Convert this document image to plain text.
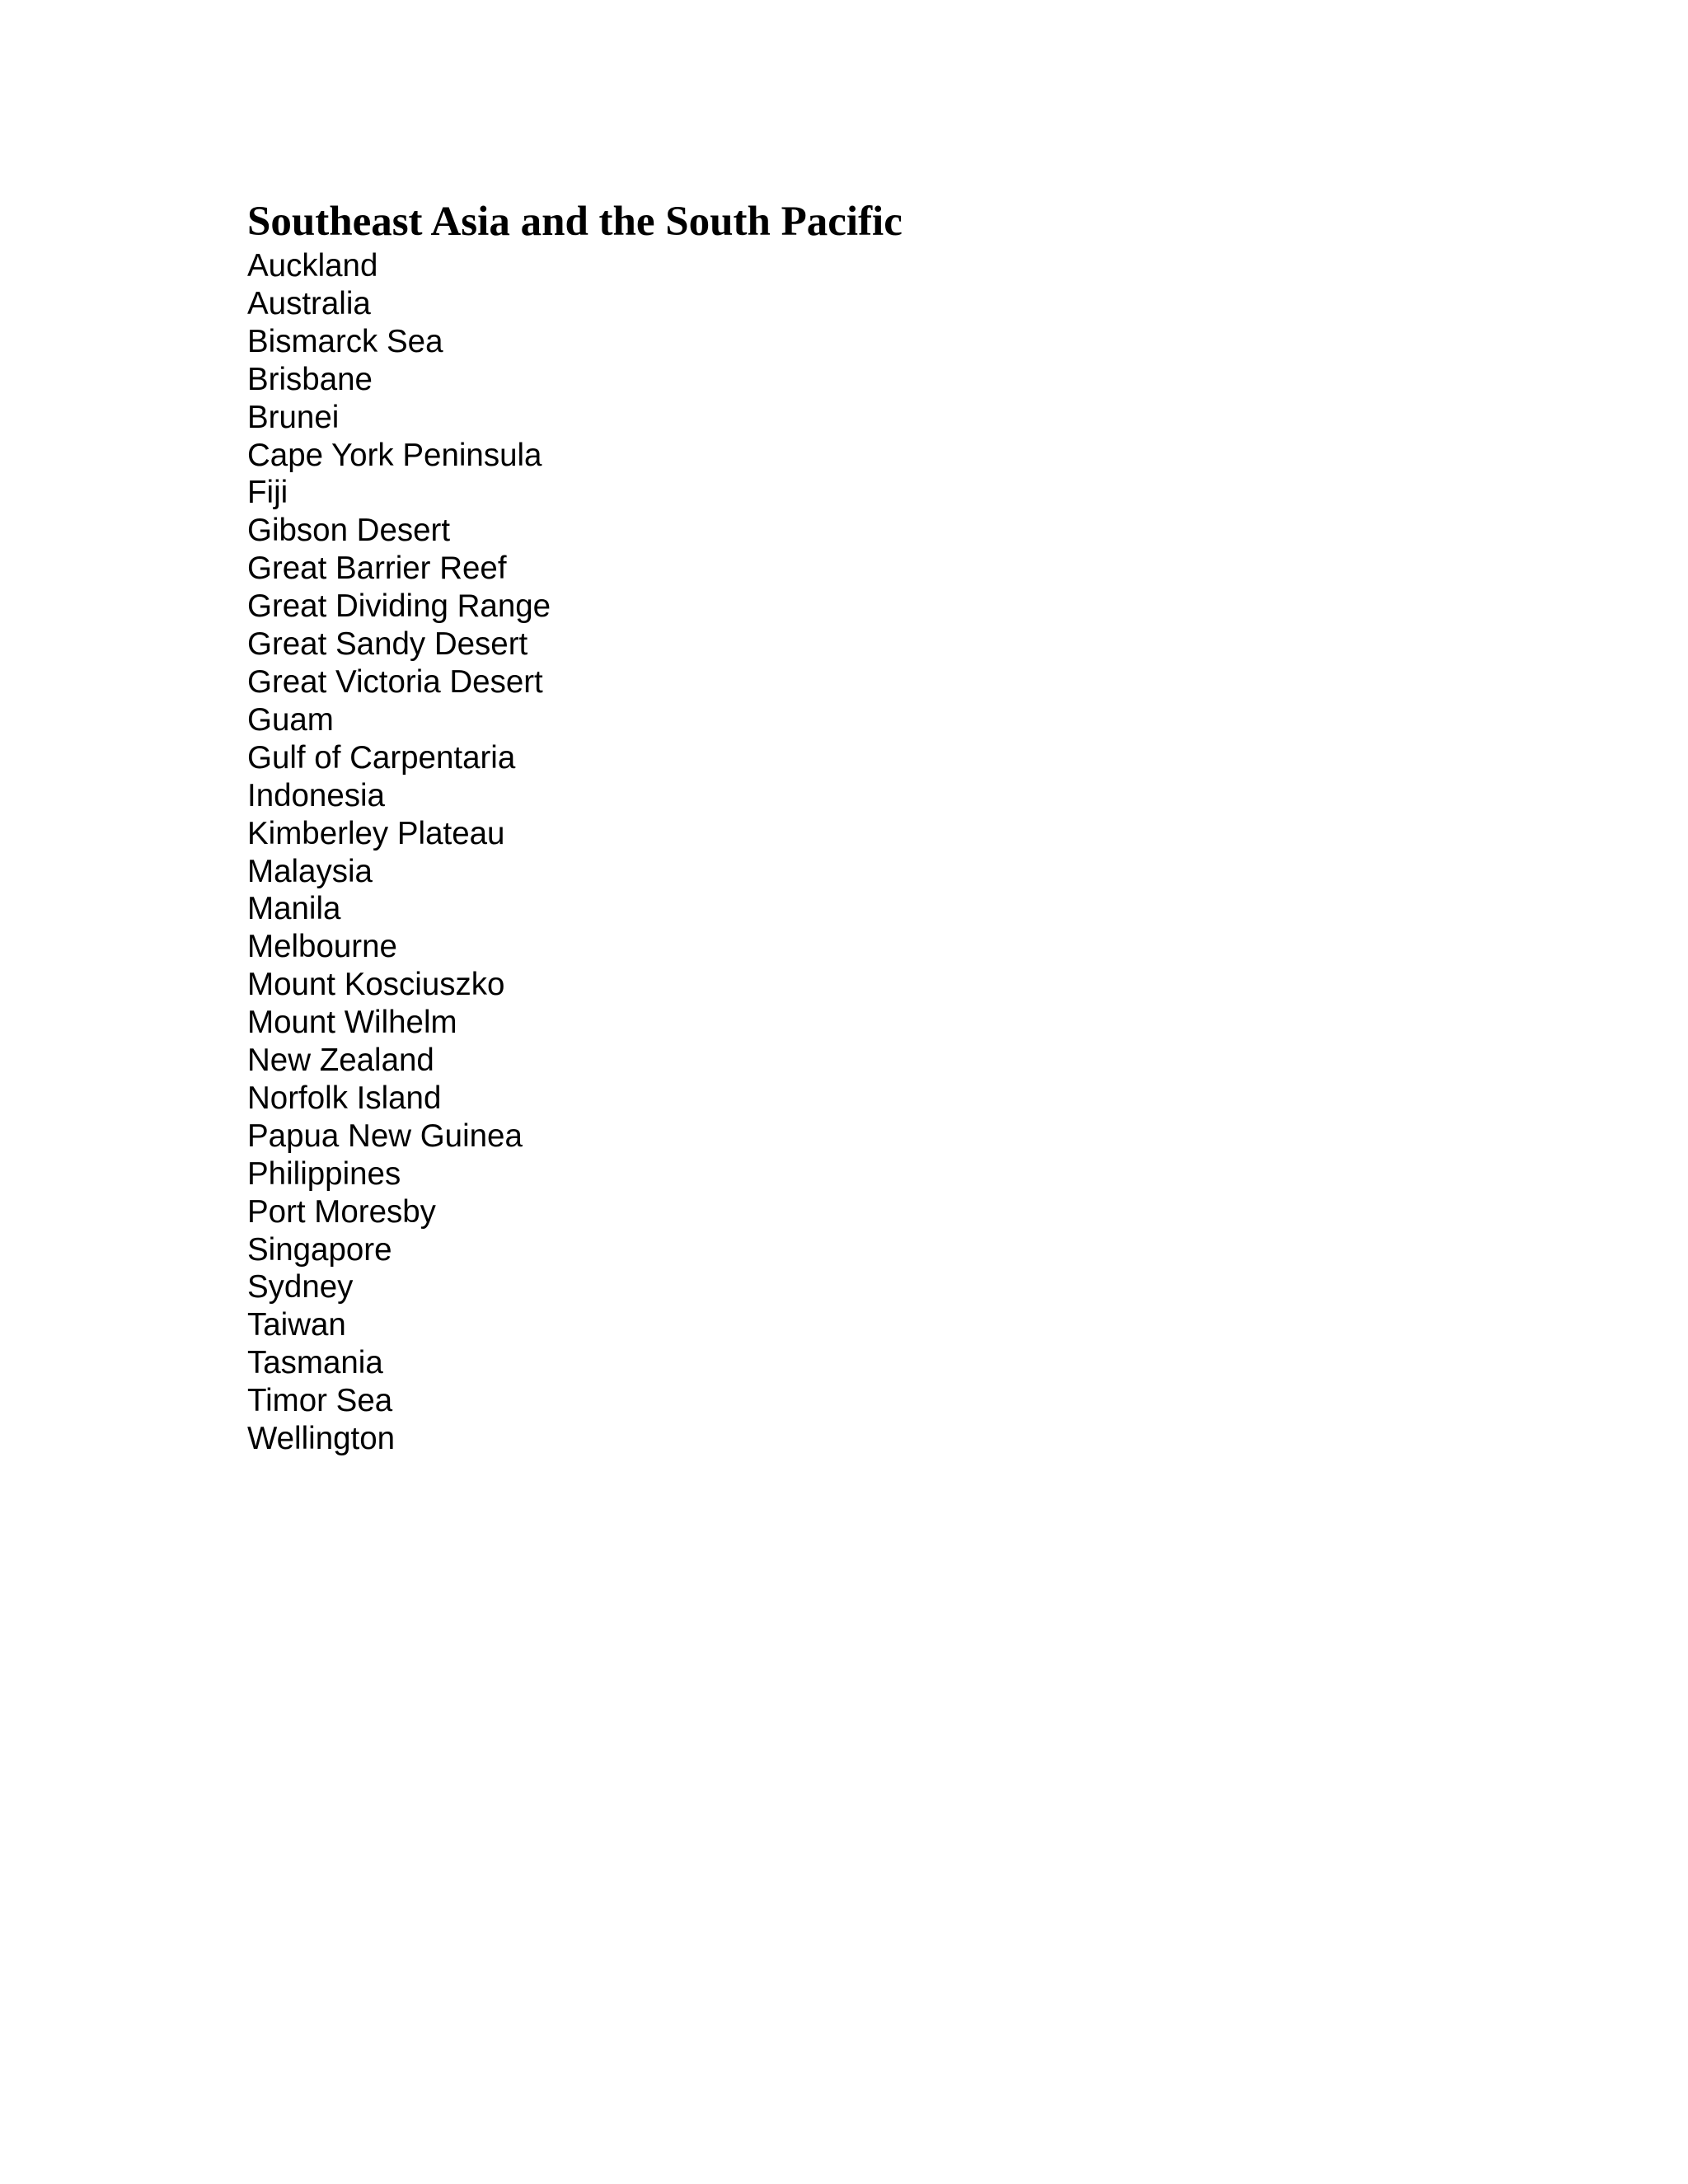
Southeast Asia and the South Pacific
Auckland
Australia
Bismarck Sea
Brisbane
Brunei
Cape York Peninsula
Fiji
Gibson Desert
Great Barrier Reef
Great Dividing Range
Great Sandy Desert
Great Victoria Desert
Guam
Gulf of Carpentaria
Indonesia
Kimberley Plateau
Malaysia
Manila
Melbourne
Mount Kosciuszko
Mount Wilhelm
New Zealand
Norfolk Island
Papua New Guinea
Philippines
Port Moresby
Singapore
Sydney
Taiwan
Tasmania
Timor Sea
Wellington
